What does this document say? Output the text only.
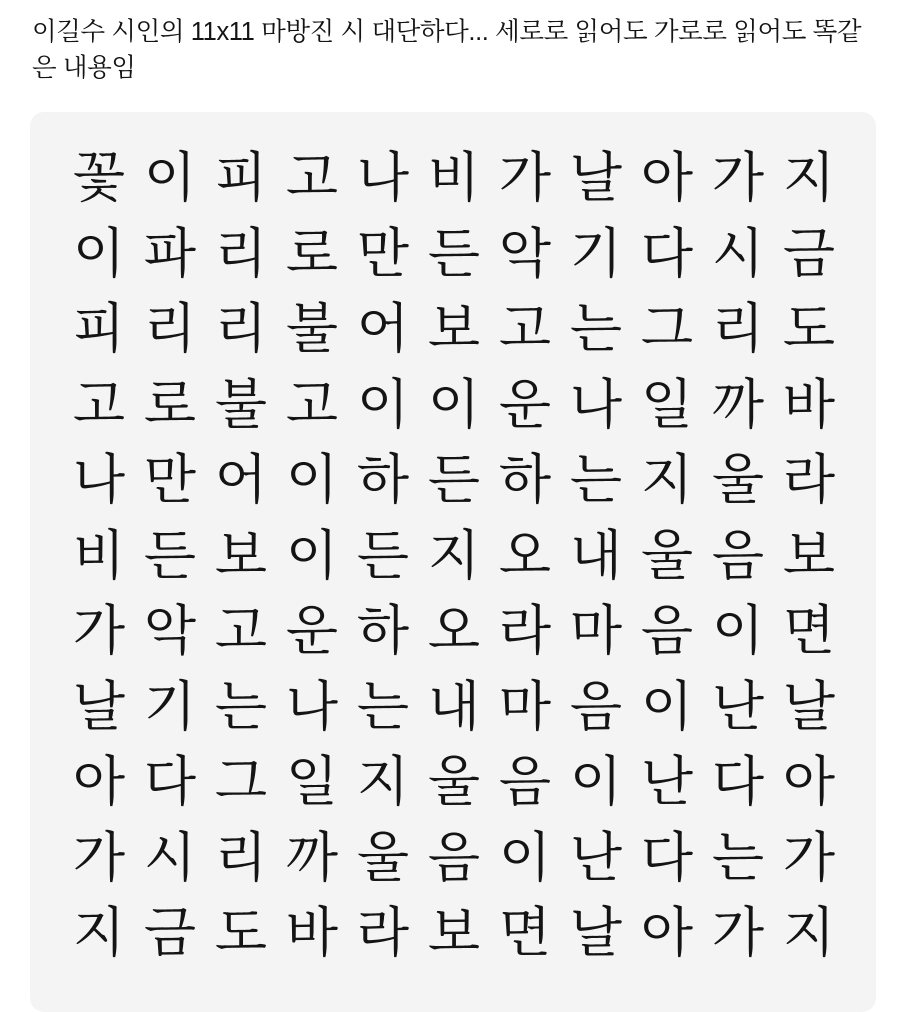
이길수 시인의 11x11 마방진 시 대단하다... 세로로 읽어도 가로로 읽어도 똑같은 내용임
꽃 이 피 고 나 비 가 날 아 가 지
이 파 리 로 만 든 악 기 다 시 금
피 리 리 불 어 보 고 는 그 리 도
고 로 불 고 이 이 운 나 일 까 바
나 만 어 이 하 든 하 는 지 울 라
비 든 보 이 든 지 오 내 울 음 보
가 악 고 운 하 오 라 마 음 이 면
날 기 는 나 는 내 마 음 이 난 날
아 다 그 일 지 울 음 이 난 다 아
가 시 리 까 울 음 이 난 다 는 가
지 금 도 바 라 보 면 날 아 가 지
